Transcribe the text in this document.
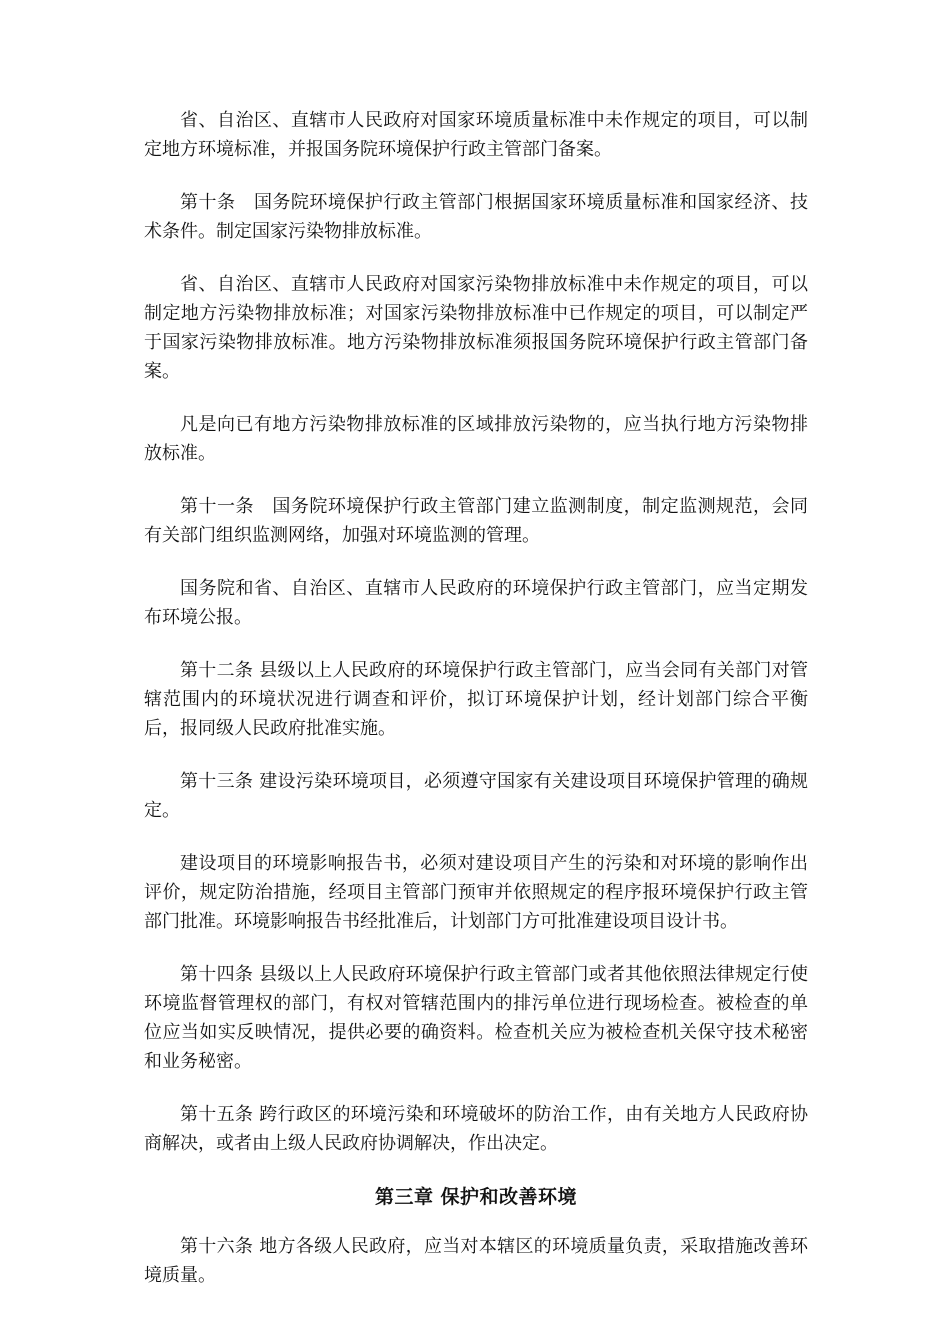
省、自治区、直辖市人民政府对国家环境质量标准中未作规定的项目，可以制定地方环境标准，并报国务院环境保护行政主管部门备案。

第十条　国务院环境保护行政主管部门根据国家环境质量标准和国家经济、技术条件。制定国家污染物排放标准。

省、自治区、直辖市人民政府对国家污染物排放标准中未作规定的项目，可以制定地方污染物排放标准；对国家污染物排放标准中已作规定的项目，可以制定严于国家污染物排放标准。地方污染物排放标准须报国务院环境保护行政主管部门备案。

凡是向已有地方污染物排放标准的区域排放污染物的，应当执行地方污染物排放标准。

第十一条　国务院环境保护行政主管部门建立监测制度，制定监测规范，会同有关部门组织监测网络，加强对环境监测的管理。

国务院和省、自治区、直辖市人民政府的环境保护行政主管部门，应当定期发布环境公报。

第十二条 县级以上人民政府的环境保护行政主管部门，应当会同有关部门对管辖范围内的环境状况进行调查和评价，拟订环境保护计划，经计划部门综合平衡后，报同级人民政府批准实施。

第十三条 建设污染环境项目，必须遵守国家有关建设项目环境保护管理的确规定。

建设项目的环境影响报告书，必须对建设项目产生的污染和对环境的影响作出评价，规定防治措施，经项目主管部门预审并依照规定的程序报环境保护行政主管部门批准。环境影响报告书经批准后，计划部门方可批准建设项目设计书。

第十四条 县级以上人民政府环境保护行政主管部门或者其他依照法律规定行使环境监督管理权的部门，有权对管辖范围内的排污单位进行现场检查。被检查的单位应当如实反映情况，提供必要的确资料。检查机关应为被检查机关保守技术秘密和业务秘密。

第十五条 跨行政区的环境污染和环境破坏的防治工作，由有关地方人民政府协商解决，或者由上级人民政府协调解决，作出决定。

第三章 保护和改善环境

第十六条 地方各级人民政府，应当对本辖区的环境质量负责，采取措施改善环境质量。
